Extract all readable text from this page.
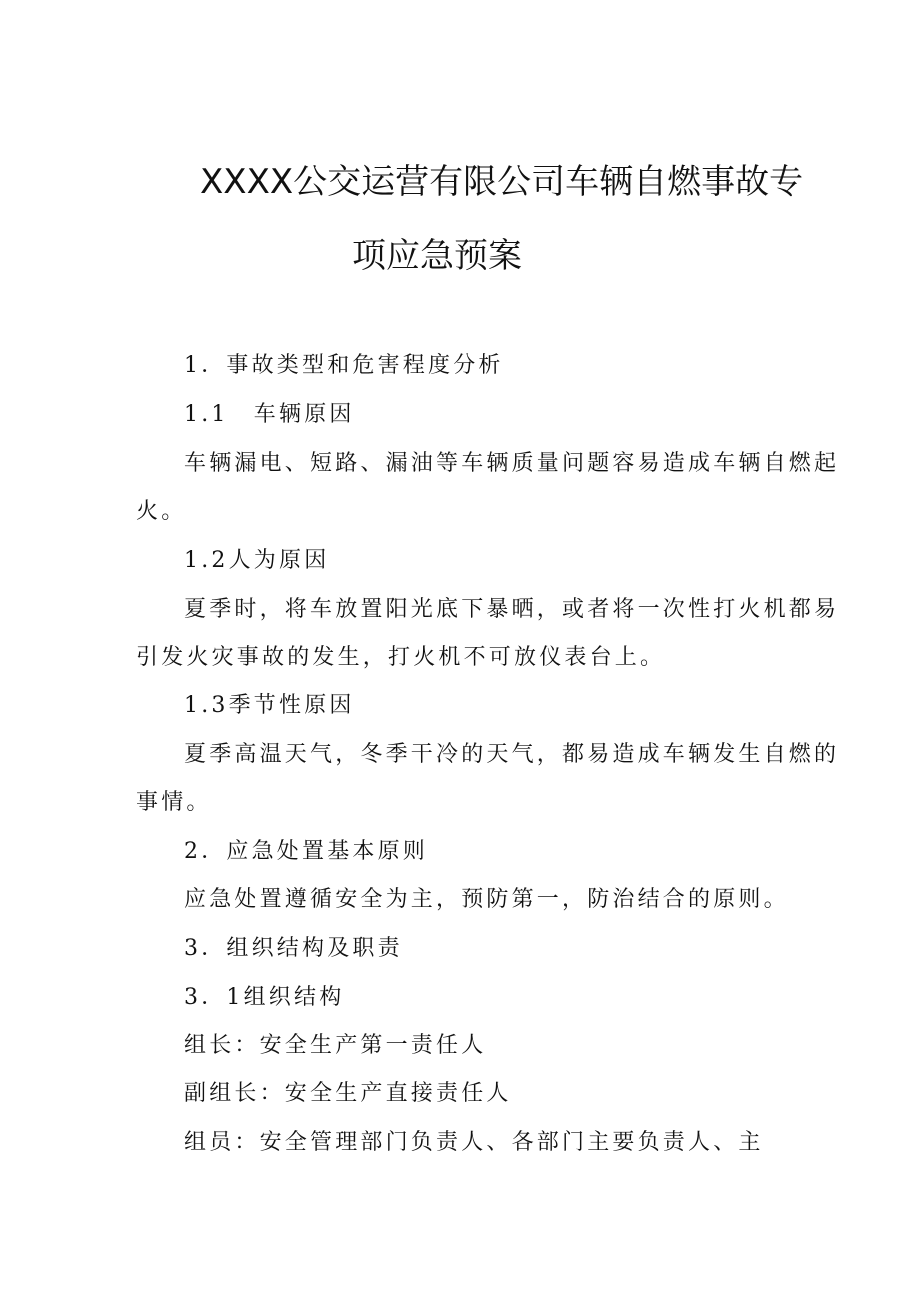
XXXX公交运营有限公司车辆自燃事故专
项应急预案
1．事故类型和危害程度分析
1.1　车辆原因
车辆漏电、短路、漏油等车辆质量问题容易造成车辆自燃起
火。
1.2人为原因
夏季时，将车放置阳光底下暴晒，或者将一次性打火机都易
引发火灾事故的发生，打火机不可放仪表台上。
1.3季节性原因
夏季高温天气，冬季干冷的天气，都易造成车辆发生自燃的
事情。
2．应急处置基本原则
应急处置遵循安全为主，预防第一，防治结合的原则。
3．组织结构及职责
3．1组织结构
组长：安全生产第一责任人
副组长：安全生产直接责任人
组员：安全管理部门负责人、各部门主要负责人、主
